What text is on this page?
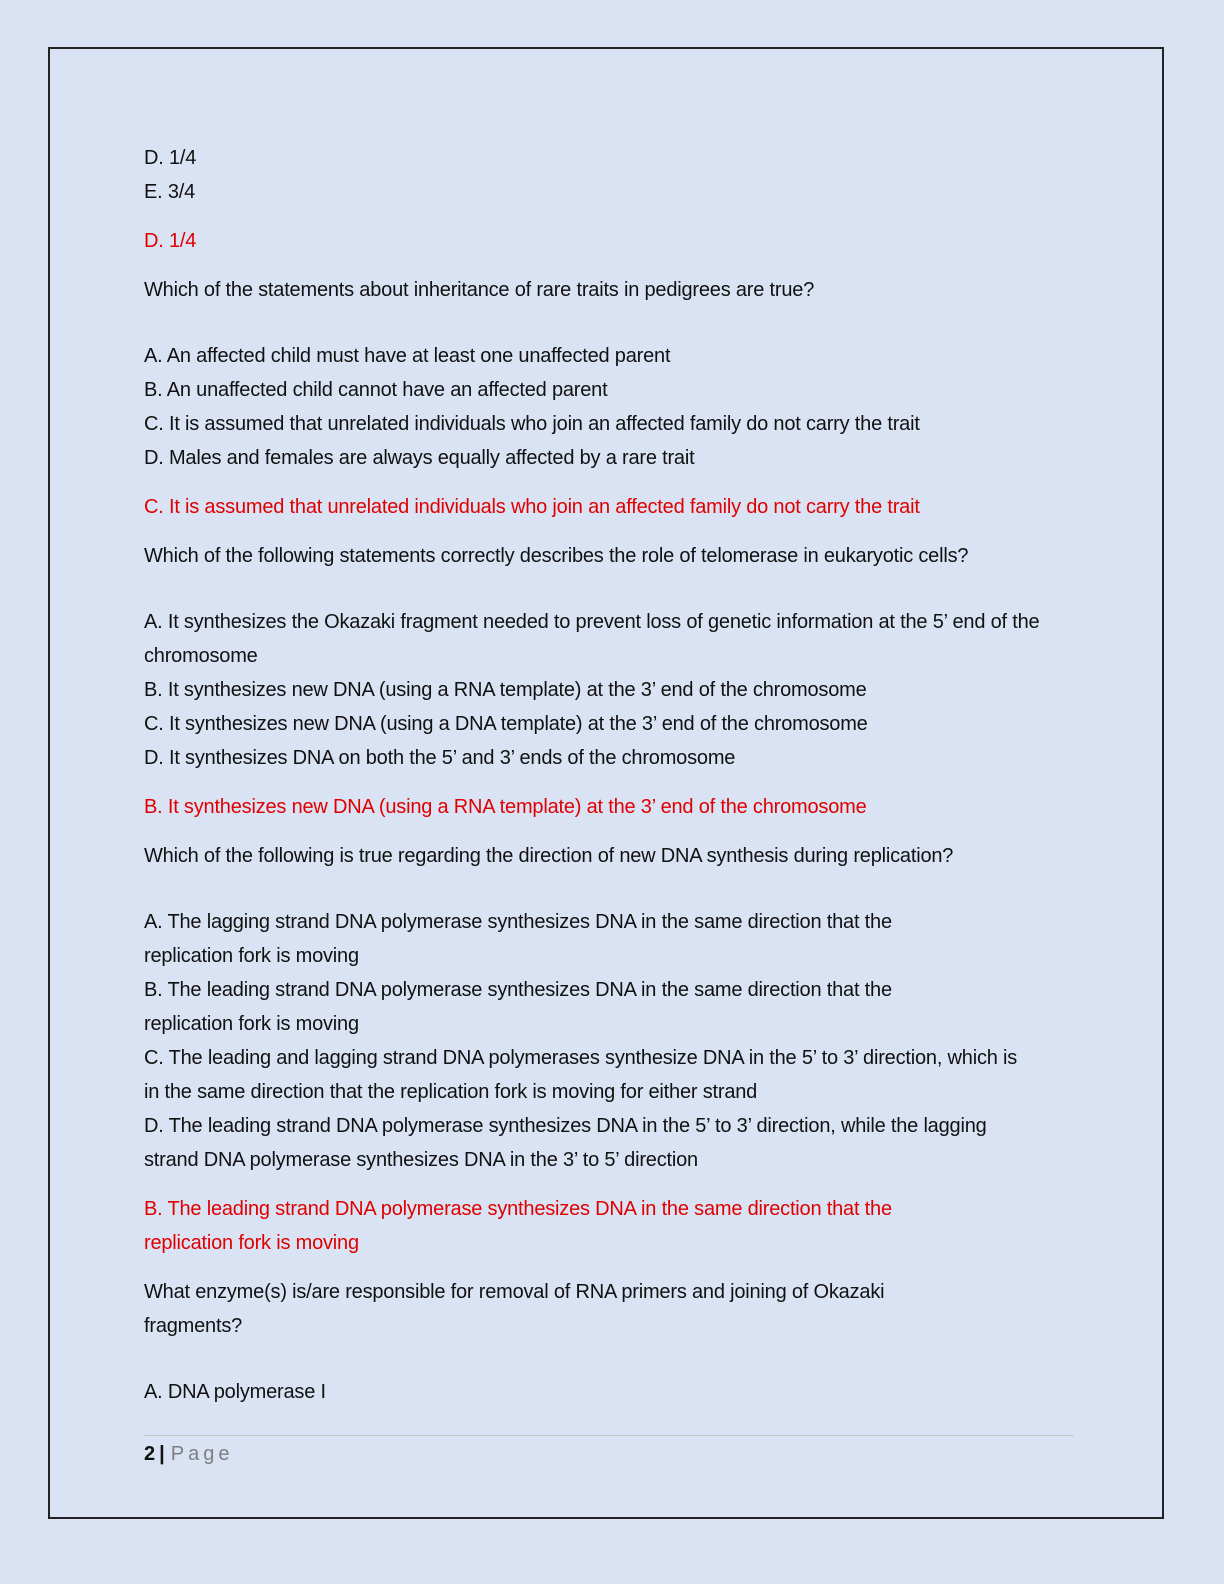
D. 1/4

E. 3/4

D. 1/4

Which of the statements about inheritance of rare traits in pedigrees are true?

A. An affected child must have at least one unaffected parent

B. An unaffected child cannot have an affected parent

C. It is assumed that unrelated individuals who join an affected family do not carry the trait

D. Males and females are always equally affected by a rare trait

C. It is assumed that unrelated individuals who join an affected family do not carry the trait

Which of the following statements correctly describes the role of telomerase in eukaryotic cells?

A. It synthesizes the Okazaki fragment needed to prevent loss of genetic information at the 5’ end of the chromosome

B. It synthesizes new DNA (using a RNA template) at the 3’ end of the chromosome

C. It synthesizes new DNA (using a DNA template) at the 3’ end of the chromosome

D. It synthesizes DNA on both the 5’ and 3’ ends of the chromosome

B. It synthesizes new DNA (using a RNA template) at the 3’ end of the chromosome

Which of the following is true regarding the direction of new DNA synthesis during replication?

A. The lagging strand DNA polymerase synthesizes DNA in the same direction that the replication fork is moving

B. The leading strand DNA polymerase synthesizes DNA in the same direction that the replication fork is moving

C. The leading and lagging strand DNA polymerases synthesize DNA in the 5’ to 3’ direction, which is in the same direction that the replication fork is moving for either strand

D. The leading strand DNA polymerase synthesizes DNA in the 5’ to 3’ direction, while the lagging strand DNA polymerase synthesizes DNA in the 3’ to 5’ direction

B. The leading strand DNA polymerase synthesizes DNA in the same direction that the replication fork is moving

What enzyme(s) is/are responsible for removal of RNA primers and joining of Okazaki fragments?

A. DNA polymerase I

2 | Page
